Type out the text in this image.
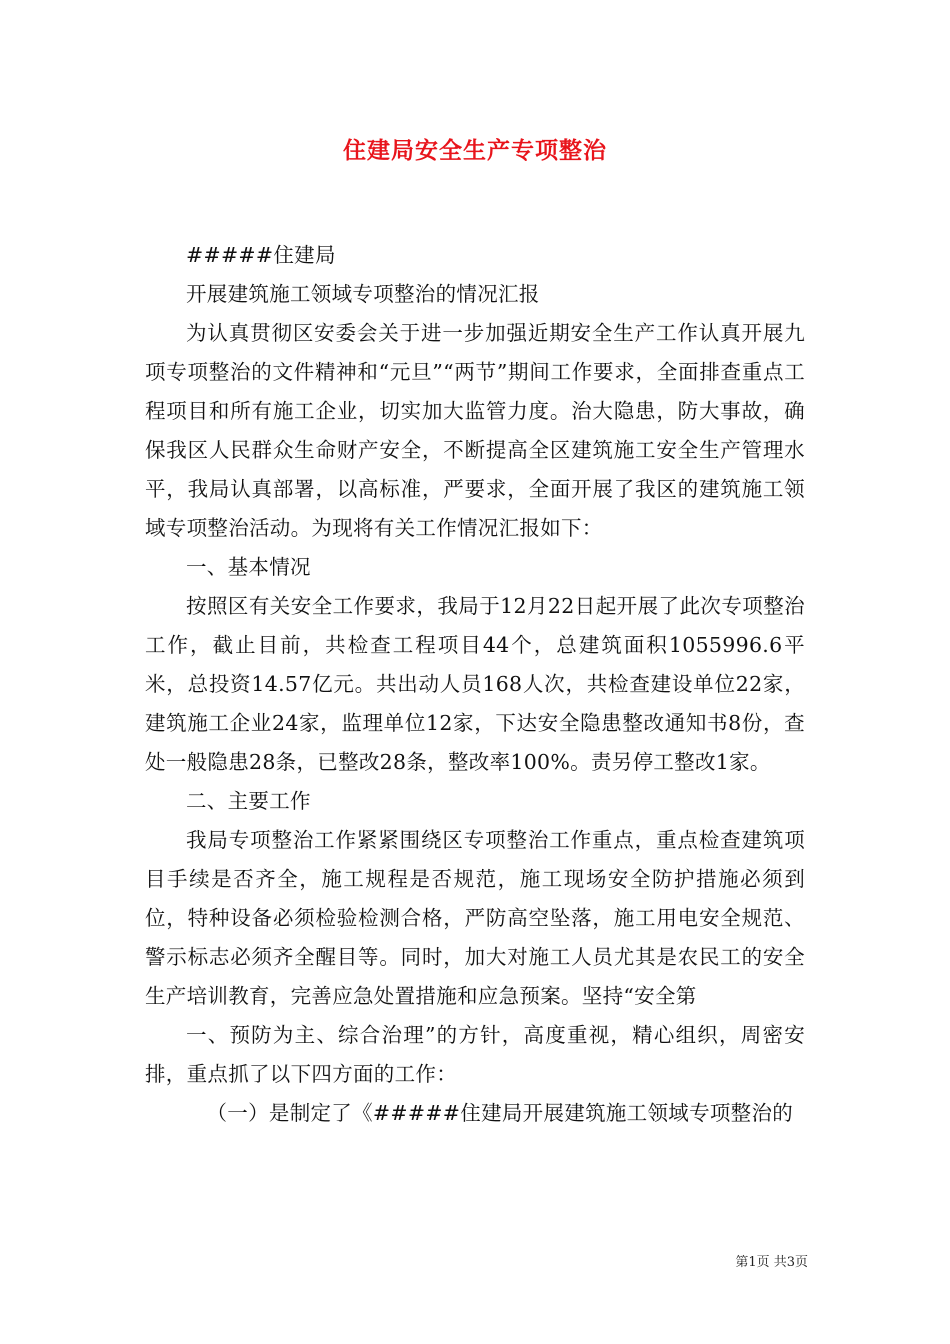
住建局安全生产专项整治

#####住建局

开展建筑施工领域专项整治的情况汇报

为认真贯彻区安委会关于进一步加强近期安全生产工作认真开展九项专项整治的文件精神和“元旦”“两节”期间工作要求，全面排查重点工程项目和所有施工企业，切实加大监管力度。治大隐患，防大事故，确保我区人民群众生命财产安全，不断提高全区建筑施工安全生产管理水平，我局认真部署，以高标准，严要求，全面开展了我区的建筑施工领域专项整治活动。为现将有关工作情况汇报如下：

一、基本情况

按照区有关安全工作要求，我局于12月22日起开展了此次专项整治工作，截止目前，共检查工程项目44个，总建筑面积1055996.6平米，总投资14.57亿元。共出动人员168人次，共检查建设单位22家，建筑施工企业24家，监理单位12家，下达安全隐患整改通知书8份，查处一般隐患28条，已整改28条，整改率100%。责另停工整改1家。

二、主要工作

我局专项整治工作紧紧围绕区专项整治工作重点，重点检查建筑项目手续是否齐全，施工规程是否规范，施工现场安全防护措施必须到位，特种设备必须检验检测合格，严防高空坠落，施工用电安全规范、警示标志必须齐全醒目等。同时，加大对施工人员尤其是农民工的安全生产培训教育，完善应急处置措施和应急预案。坚持“安全第

一、预防为主、综合治理”的方针，高度重视，精心组织，周密安排，重点抓了以下四方面的工作：

（一）是制定了《#####住建局开展建筑施工领域专项整治的

第1页 共3页
